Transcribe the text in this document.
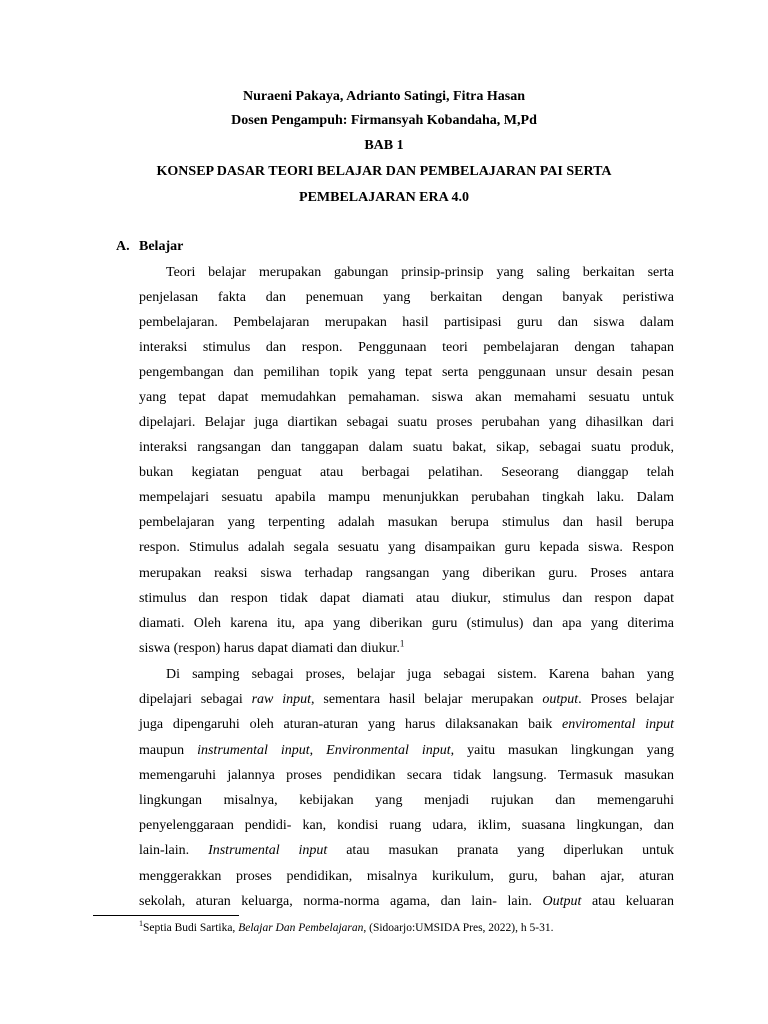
Nuraeni Pakaya, Adrianto Satingi, Fitra Hasan
Dosen Pengampuh: Firmansyah Kobandaha, M,Pd
BAB 1
KONSEP DASAR TEORI BELAJAR DAN PEMBELAJARAN PAI SERTA
PEMBELAJARAN ERA 4.0
A. Belajar
Teori belajar merupakan gabungan prinsip-prinsip yang saling berkaitan serta
penjelasan fakta dan penemuan yang berkaitan dengan banyak peristiwa
pembelajaran. Pembelajaran merupakan hasil partisipasi guru dan siswa dalam
interaksi stimulus dan respon. Penggunaan teori pembelajaran dengan tahapan
pengembangan dan pemilihan topik yang tepat serta penggunaan unsur desain pesan
yang tepat dapat memudahkan pemahaman. siswa akan memahami sesuatu untuk
dipelajari. Belajar juga diartikan sebagai suatu proses perubahan yang dihasilkan dari
interaksi rangsangan dan tanggapan dalam suatu bakat, sikap, sebagai suatu produk,
bukan kegiatan penguat atau berbagai pelatihan. Seseorang dianggap telah
mempelajari sesuatu apabila mampu menunjukkan perubahan tingkah laku. Dalam
pembelajaran yang terpenting adalah masukan berupa stimulus dan hasil berupa
respon. Stimulus adalah segala sesuatu yang disampaikan guru kepada siswa. Respon
merupakan reaksi siswa terhadap rangsangan yang diberikan guru. Proses antara
stimulus dan respon tidak dapat diamati atau diukur, stimulus dan respon dapat
diamati. Oleh karena itu, apa yang diberikan guru (stimulus) dan apa yang diterima
siswa (respon) harus dapat diamati dan diukur.$^1$
Di samping sebagai proses, belajar juga sebagai sistem. Karena bahan yang
dipelajari sebagai raw input, sementara hasil belajar merupakan output. Proses belajar
juga dipengaruhi oleh aturan-aturan yang harus dilaksanakan baik enviromental input
maupun instrumental input, Environmental input, yaitu masukan lingkungan yang
memengaruhi jalannya proses pendidikan secara tidak langsung. Termasuk masukan
lingkungan misalnya, kebijakan yang menjadi rujukan dan memengaruhi
penyelenggaraan pendidi- kan, kondisi ruang udara, iklim, suasana lingkungan, dan
lain-lain. Instrumental input atau masukan pranata yang diperlukan untuk
menggerakkan proses pendidikan, misalnya kurikulum, guru, bahan ajar, aturan
sekolah, aturan keluarga, norma-norma agama, dan lain- lain. Output atau keluaran
$^1$Septia Budi Sartika, Belajar Dan Pembelajaran, (Sidoarjo:UMSIDA Pres, 2022), h 5-31.
